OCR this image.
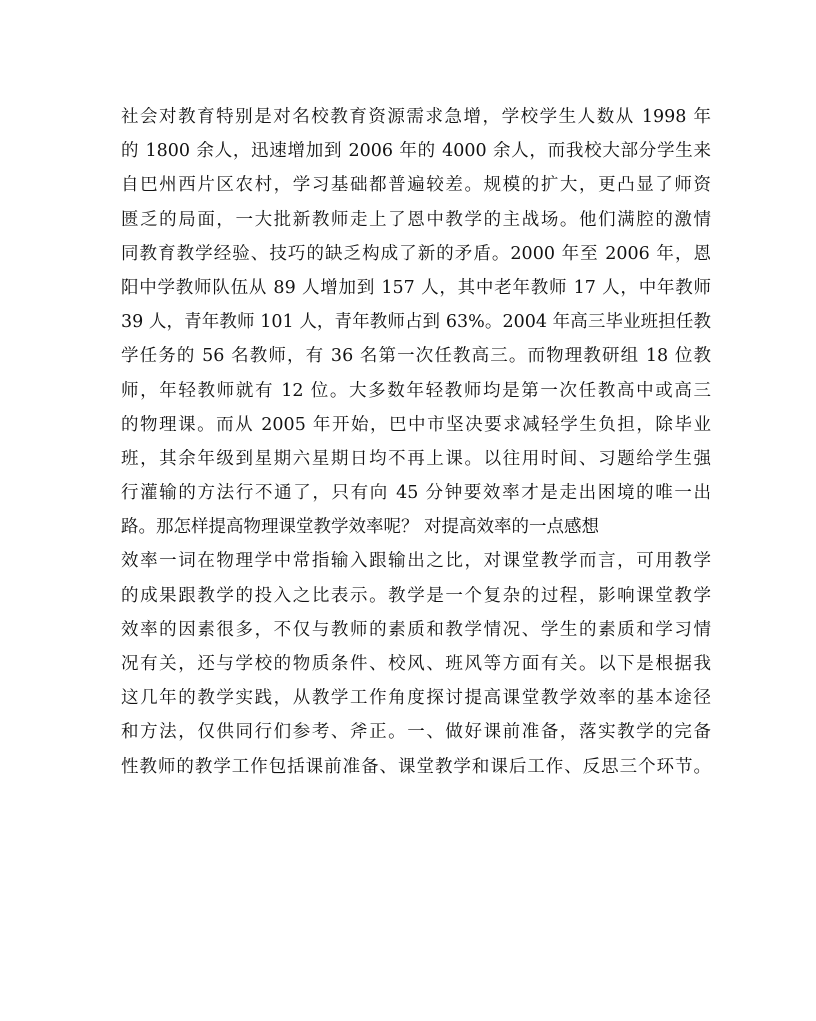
社会对教育特别是对名校教育资源需求急增，学校学生人数从 1998 年
的 1800 余人，迅速增加到 2006 年的 4000 余人，而我校大部分学生来
自巴州西片区农村，学习基础都普遍较差。规模的扩大，更凸显了师资
匮乏的局面，一大批新教师走上了恩中教学的主战场。他们满腔的激情
同教育教学经验、技巧的缺乏构成了新的矛盾。2000 年至 2006 年，恩
阳中学教师队伍从 89 人增加到 157 人，其中老年教师 17 人，中年教师
39 人，青年教师 101 人，青年教师占到 63%。2004 年高三毕业班担任教
学任务的 56 名教师，有 36 名第一次任教高三。而物理教研组 18 位教
师，年轻教师就有 12 位。大多数年轻教师均是第一次任教高中或高三
的物理课。而从 2005 年开始，巴中市坚决要求减轻学生负担，除毕业
班，其余年级到星期六星期日均不再上课。以往用时间、习题给学生强
行灌输的方法行不通了，只有向 45 分钟要效率才是走出困境的唯一出
路。那怎样提高物理课堂教学效率呢？ 对提高效率的一点感想
效率一词在物理学中常指输入跟输出之比，对课堂教学而言，可用教学
的成果跟教学的投入之比表示。教学是一个复杂的过程，影响课堂教学
效率的因素很多，不仅与教师的素质和教学情况、学生的素质和学习情
况有关，还与学校的物质条件、校风、班风等方面有关。以下是根据我
这几年的教学实践，从教学工作角度探讨提高课堂教学效率的基本途径
和方法，仅供同行们参考、斧正。一、做好课前准备，落实教学的完备
性教师的教学工作包括课前准备、课堂教学和课后工作、反思三个环节。
